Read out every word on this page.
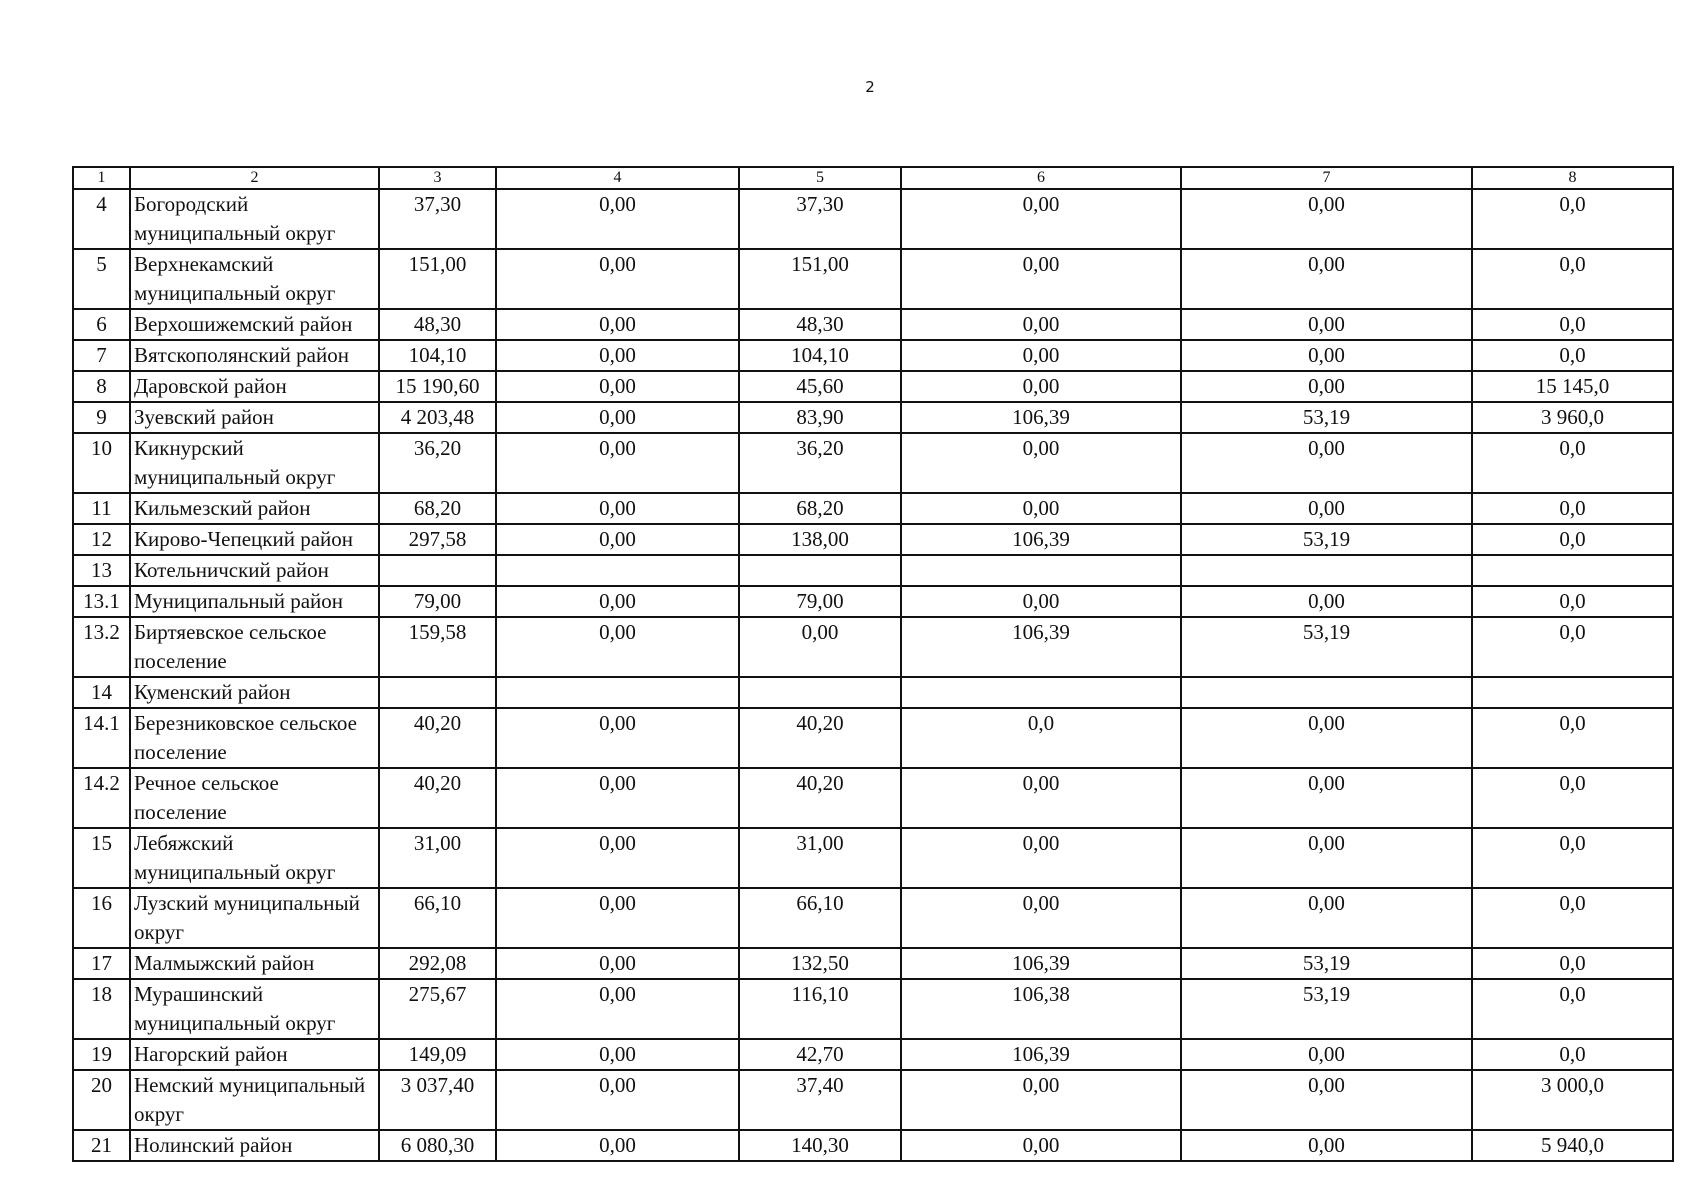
2
1	2	3	4	5	6	7	8
4	Богородский муниципальный округ	37,30	0,00	37,30	0,00	0,00	0,0
5	Верхнекамский муниципальный округ	151,00	0,00	151,00	0,00	0,00	0,0
6	Верхошижемский район	48,30	0,00	48,30	0,00	0,00	0,0
7	Вятскополянский район	104,10	0,00	104,10	0,00	0,00	0,0
8	Даровской район	15 190,60	0,00	45,60	0,00	0,00	15 145,0
9	Зуевский район	4 203,48	0,00	83,90	106,39	53,19	3 960,0
10	Кикнурский муниципальный округ	36,20	0,00	36,20	0,00	0,00	0,0
11	Кильмезский район	68,20	0,00	68,20	0,00	0,00	0,0
12	Кирово-Чепецкий район	297,58	0,00	138,00	106,39	53,19	0,0
13	Котельничский район						
13.1	Муниципальный район	79,00	0,00	79,00	0,00	0,00	0,0
13.2	Биртяевское сельское поселение	159,58	0,00	0,00	106,39	53,19	0,0
14	Куменский район						
14.1	Березниковское сельское поселение	40,20	0,00	40,20	0,0	0,00	0,0
14.2	Речное сельское поселение	40,20	0,00	40,20	0,00	0,00	0,0
15	Лебяжский муниципальный округ	31,00	0,00	31,00	0,00	0,00	0,0
16	Лузский муниципальный округ	66,10	0,00	66,10	0,00	0,00	0,0
17	Малмыжский район	292,08	0,00	132,50	106,39	53,19	0,0
18	Мурашинский муниципальный округ	275,67	0,00	116,10	106,38	53,19	0,0
19	Нагорский район	149,09	0,00	42,70	106,39	0,00	0,0
20	Немский муниципальный округ	3 037,40	0,00	37,40	0,00	0,00	3 000,0
21	Нолинский район	6 080,30	0,00	140,30	0,00	0,00	5 940,0
